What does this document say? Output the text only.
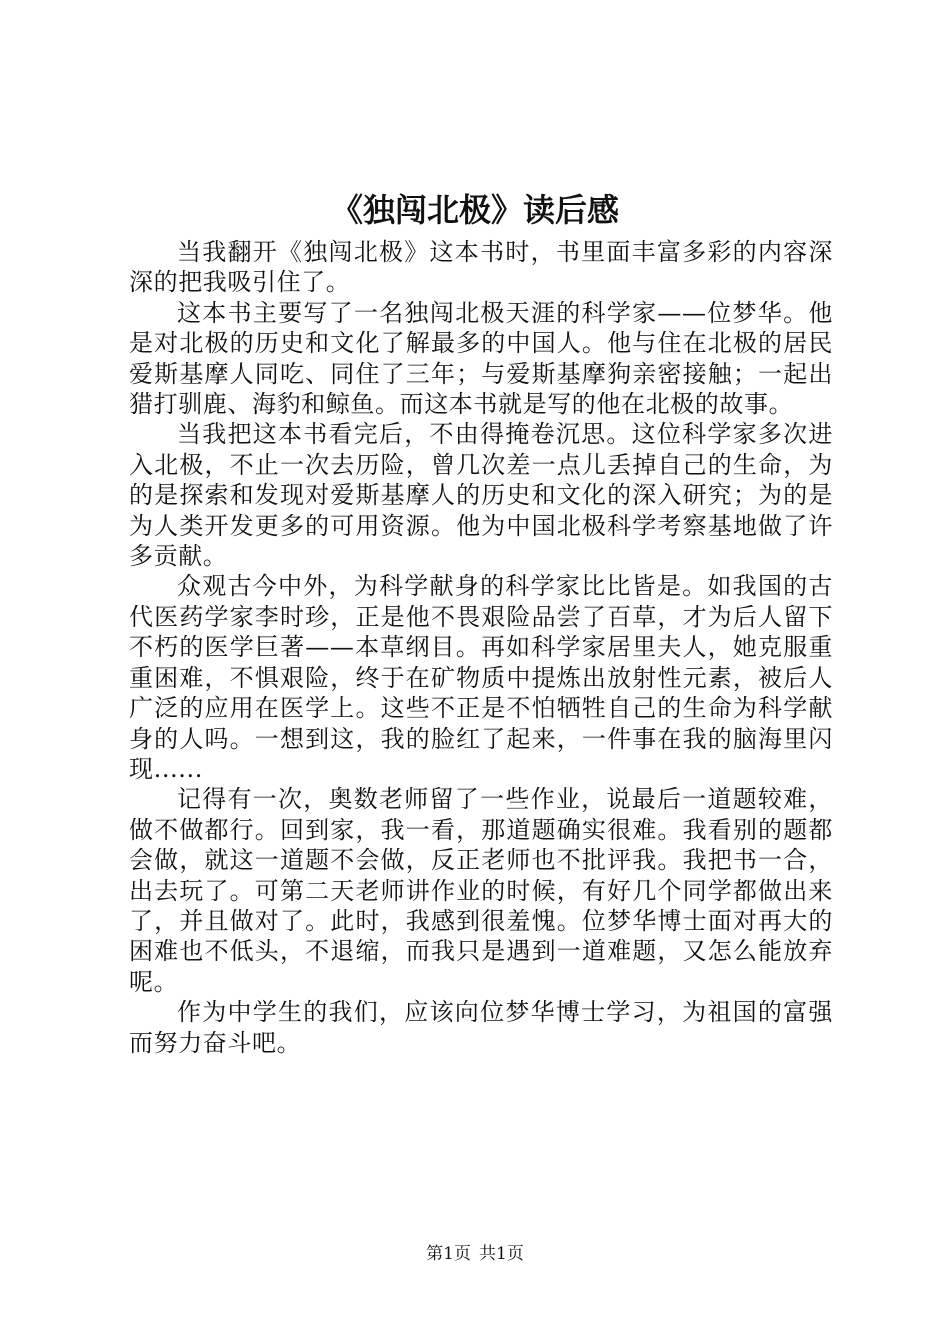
《独闯北极》读后感

当我翻开《独闯北极》这本书时，书里面丰富多彩的内容深深的把我吸引住了。

这本书主要写了一名独闯北极天涯的科学家——位梦华。他是对北极的历史和文化了解最多的中国人。他与住在北极的居民爱斯基摩人同吃、同住了三年；与爱斯基摩狗亲密接触；一起出猎打驯鹿、海豹和鲸鱼。而这本书就是写的他在北极的故事。

当我把这本书看完后，不由得掩卷沉思。这位科学家多次进入北极，不止一次去历险，曾几次差一点儿丢掉自己的生命，为的是探索和发现对爱斯基摩人的历史和文化的深入研究；为的是为人类开发更多的可用资源。他为中国北极科学考察基地做了许多贡献。

众观古今中外，为科学献身的科学家比比皆是。如我国的古代医药学家李时珍，正是他不畏艰险品尝了百草，才为后人留下不朽的医学巨著——本草纲目。再如科学家居里夫人，她克服重重困难，不惧艰险，终于在矿物质中提炼出放射性元素，被后人广泛的应用在医学上。这些不正是不怕牺牲自己的生命为科学献身的人吗。一想到这，我的脸红了起来，一件事在我的脑海里闪现......

记得有一次，奥数老师留了一些作业，说最后一道题较难，做不做都行。回到家，我一看，那道题确实很难。我看别的题都会做，就这一道题不会做，反正老师也不批评我。我把书一合，出去玩了。可第二天老师讲作业的时候，有好几个同学都做出来了，并且做对了。此时，我感到很羞愧。位梦华博士面对再大的困难也不低头，不退缩，而我只是遇到一道难题，又怎么能放弃呢。

作为中学生的我们，应该向位梦华博士学习，为祖国的富强而努力奋斗吧。

第1页 共1页
